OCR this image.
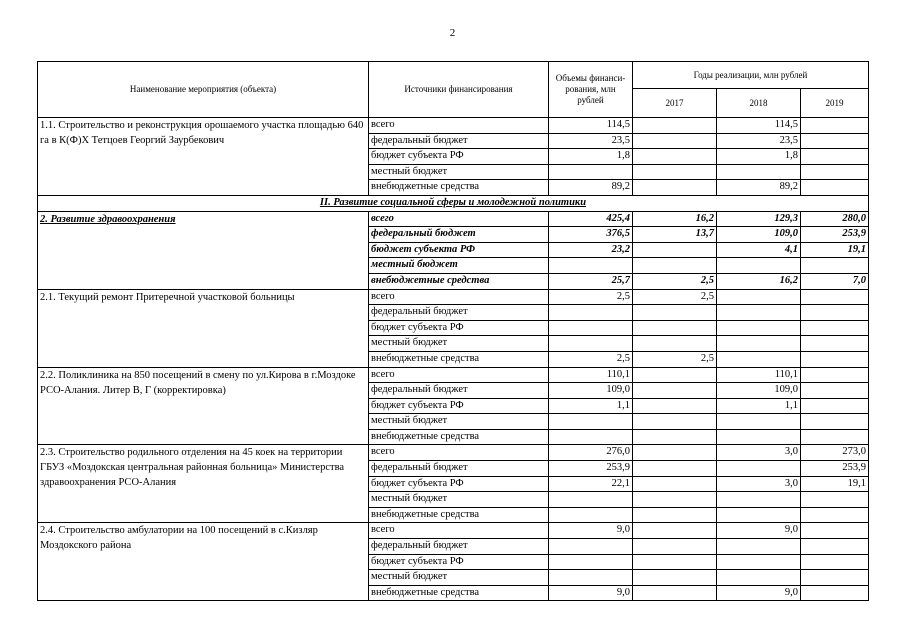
2
Наименование мероприятия (объекта)	Источники финансирования	Объемы финанси-рования, млн рублей	Годы реализации, млн рублей		
			2017	2018	2019
1.1. Строительство и реконструкция орошаемого участка площадью 640 га в К(Ф)Х Тетцоев Георгий Заурбекович	всего	114,5		114,5	
	федеральный бюджет	23,5		23,5	
	бюджет субъекта РФ	1,8		1,8	
	местный бюджет				
	внебюджетные средства	89,2		89,2	
II. Развитие социальной сферы и молодежной политики					
2. Развитие здравоохранения	всего	425,4	16,2	129,3	280,0
	федеральный бюджет	376,5	13,7	109,0	253,9
	бюджет субъекта РФ	23,2		4,1	19,1
	местный бюджет				
	внебюджетные средства	25,7	2,5	16,2	7,0
2.1. Текущий ремонт Притеречной участковой больницы	всего	2,5	2,5		
	федеральный бюджет				
	бюджет субъекта РФ				
	местный бюджет				
	внебюджетные средства	2,5	2,5		
2.2. Поликлиника на 850 посещений в смену по ул.Кирова в г.Моздоке РСО-Алания. Литер В, Г (корректировка)	всего	110,1		110,1	
	федеральный бюджет	109,0		109,0	
	бюджет субъекта РФ	1,1		1,1	
	местный бюджет				
	внебюджетные средства				
2.3. Строительство родильного отделения на 45 коек на территории ГБУЗ «Моздокская центральная районная больница» Министерства здравоохранения РСО-Алания	всего	276,0		3,0	273,0
	федеральный бюджет	253,9			253,9
	бюджет субъекта РФ	22,1		3,0	19,1
	местный бюджет				
	внебюджетные средства				
2.4. Строительство амбулатории на 100 посещений в с.Кизляр Моздокского района	всего	9,0		9,0	
	федеральный бюджет				
	бюджет субъекта РФ				
	местный бюджет				
	внебюджетные средства	9,0		9,0	
